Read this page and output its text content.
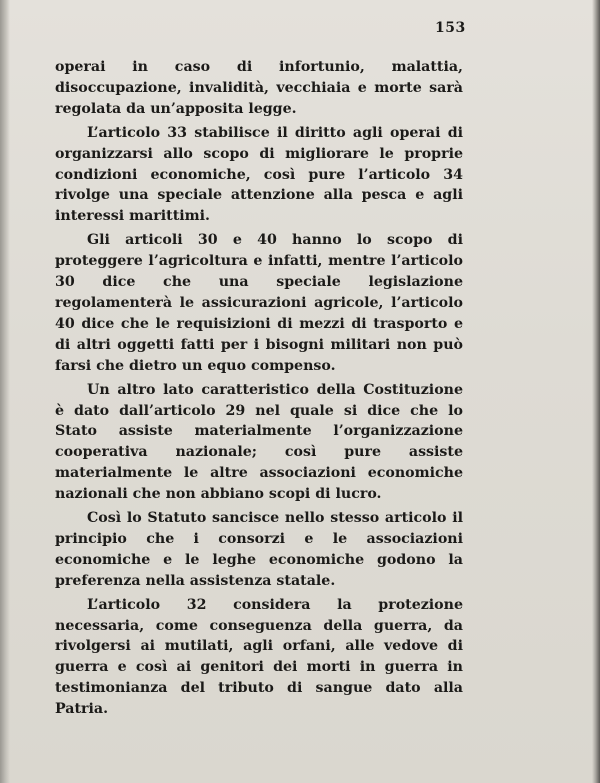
153

operai in caso di infortunio, malattia, disoccupazione, invalidità, vecchiaia e morte sarà regolata da un’apposita legge.

L’articolo 33 stabilisce il diritto agli operai di organizzarsi allo scopo di migliorare le proprie condizioni economiche, così pure l’articolo 34 rivolge una speciale attenzione alla pesca e agli interessi marittimi.

Gli articoli 30 e 40 hanno lo scopo di proteggere l’agricoltura e infatti, mentre l’articolo 30 dice che una speciale legislazione regolamenterà le assicurazioni agricole, l’articolo 40 dice che le requisizioni di mezzi di trasporto e di altri oggetti fatti per i bisogni militari non può farsi che dietro un equo compenso.

Un altro lato caratteristico della Costituzione è dato dall’articolo 29 nel quale si dice che lo Stato assiste materialmente l’organizzazione cooperativa nazionale; così pure assiste materialmente le altre associazioni economiche nazionali che non abbiano scopi di lucro.

Così lo Statuto sancisce nello stesso articolo il principio che i consorzi e le associazioni economiche e le leghe economiche godono la preferenza nella assistenza statale.

L’articolo 32 considera la protezione necessaria, come conseguenza della guerra, da rivolgersi ai mutilati, agli orfani, alle vedove di guerra e così ai genitori dei morti in guerra in testimonianza del tributo di sangue dato alla Patria.
